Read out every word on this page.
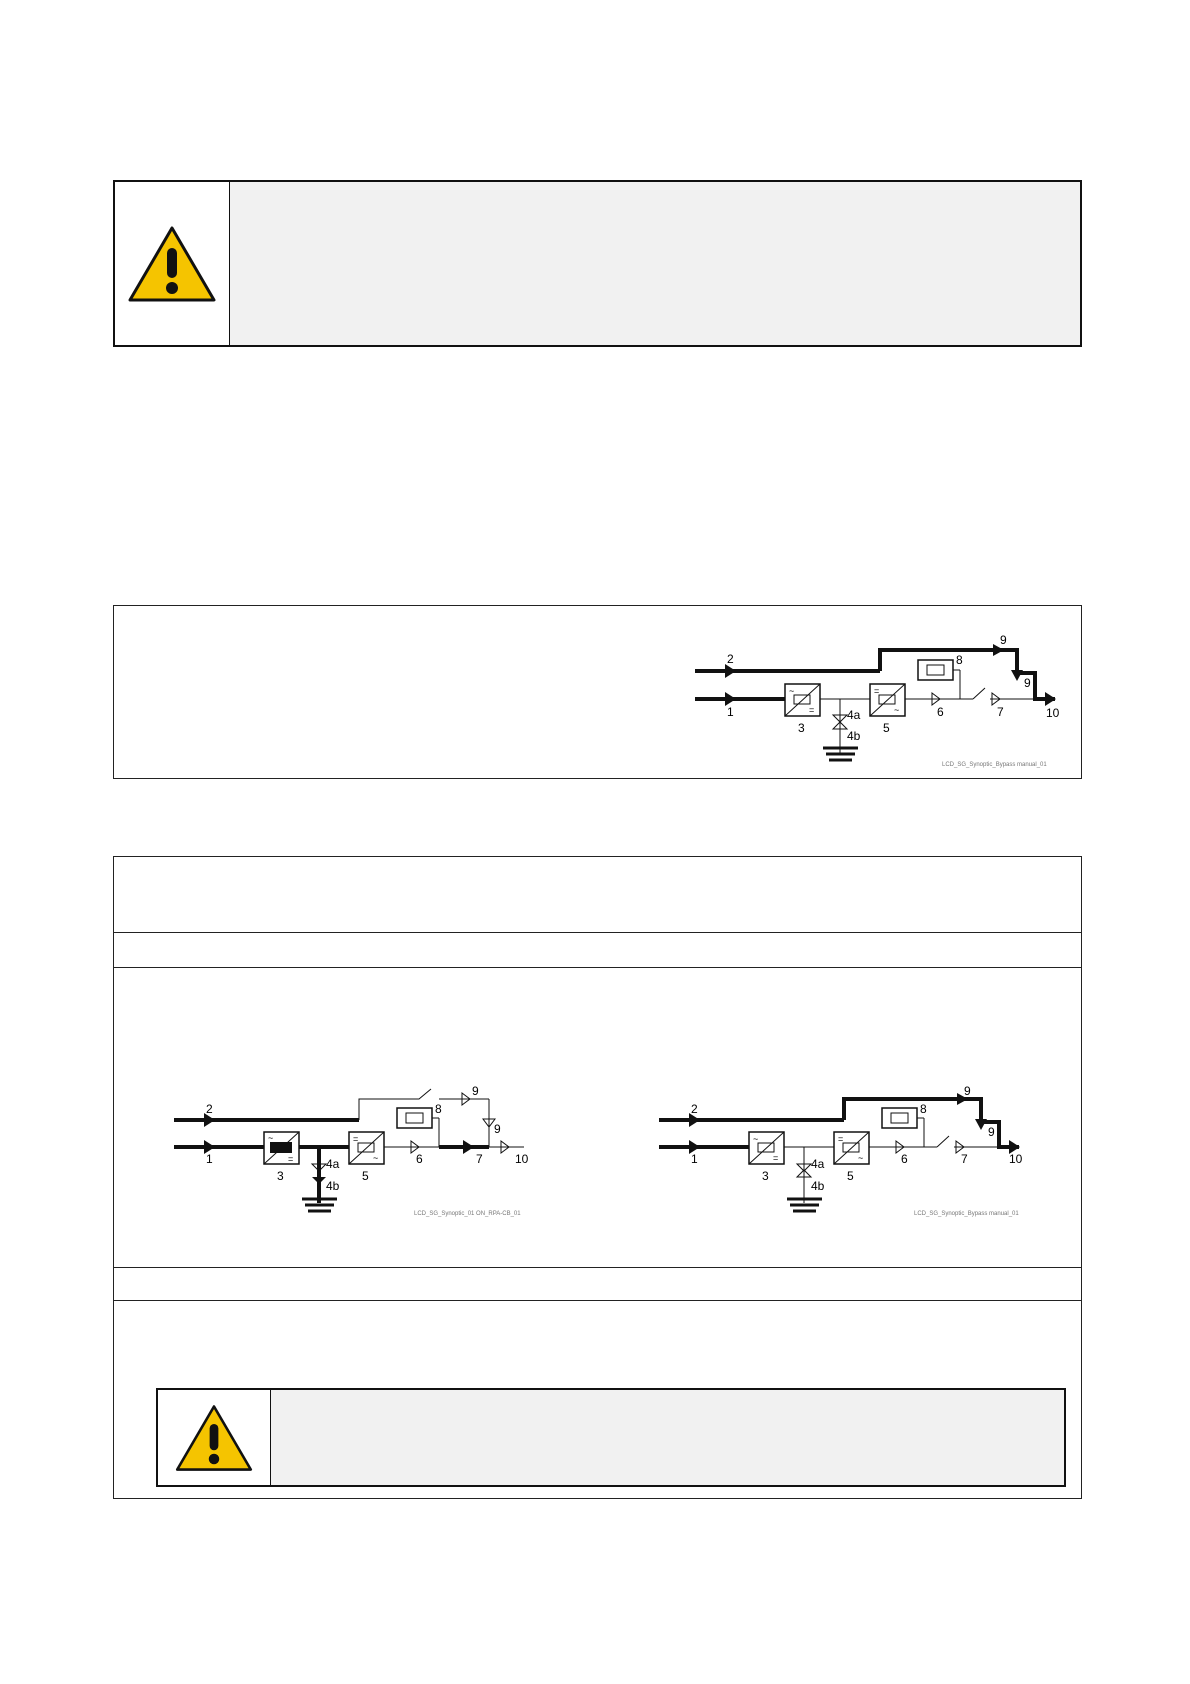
~
=
=
~
2
1
3
4a
4b
5
6	7
8
9
9
10
LCD_SG_Synoptic_Bypass manual_01
~
=
=
~
2
1
3
4a
4b
5
6	7
8
9
9
10
LCD_SG_Synoptic_01 ON_RPA-CB_01
~
=
=
~
2
1
3
4a
4b
5
6	7
8
9
9
10
LCD_SG_Synoptic_Bypass manual_01
